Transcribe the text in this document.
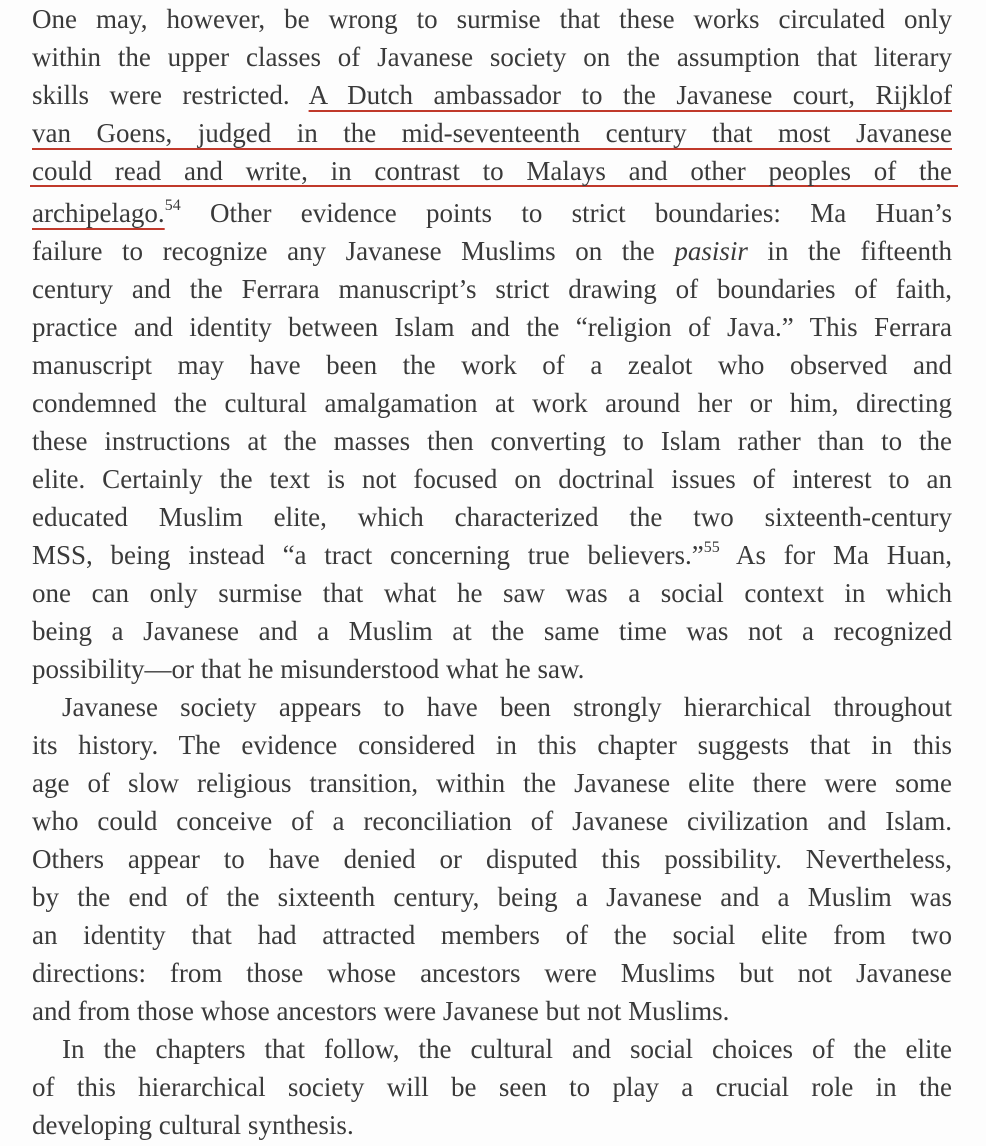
One may, however, be wrong to surmise that these works circulated only
within the upper classes of Javanese society on the assumption that literary
skills were restricted. A Dutch ambassador to the Javanese court, Rijklof
van Goens, judged in the mid-seventeenth century that most Javanese
could read and write, in contrast to Malays and other peoples of the
archipelago.$^{54}$ Other evidence points to strict boundaries: Ma Huan’s
failure to recognize any Javanese Muslims on the pasisir in the fifteenth
century and the Ferrara manuscript’s strict drawing of boundaries of faith,
practice and identity between Islam and the “religion of Java.” This Ferrara
manuscript may have been the work of a zealot who observed and
condemned the cultural amalgamation at work around her or him, directing
these instructions at the masses then converting to Islam rather than to the
elite. Certainly the text is not focused on doctrinal issues of interest to an
educated Muslim elite, which characterized the two sixteenth-century
MSS, being instead “a tract concerning true believers.”$^{55}$ As for Ma Huan,
one can only surmise that what he saw was a social context in which
being a Javanese and a Muslim at the same time was not a recognized
possibility—or that he misunderstood what he saw.
Javanese society appears to have been strongly hierarchical throughout
its history. The evidence considered in this chapter suggests that in this
age of slow religious transition, within the Javanese elite there were some
who could conceive of a reconciliation of Javanese civilization and Islam.
Others appear to have denied or disputed this possibility. Nevertheless,
by the end of the sixteenth century, being a Javanese and a Muslim was
an identity that had attracted members of the social elite from two
directions: from those whose ancestors were Muslims but not Javanese
and from those whose ancestors were Javanese but not Muslims.
In the chapters that follow, the cultural and social choices of the elite
of this hierarchical society will be seen to play a crucial role in the
developing cultural synthesis.
